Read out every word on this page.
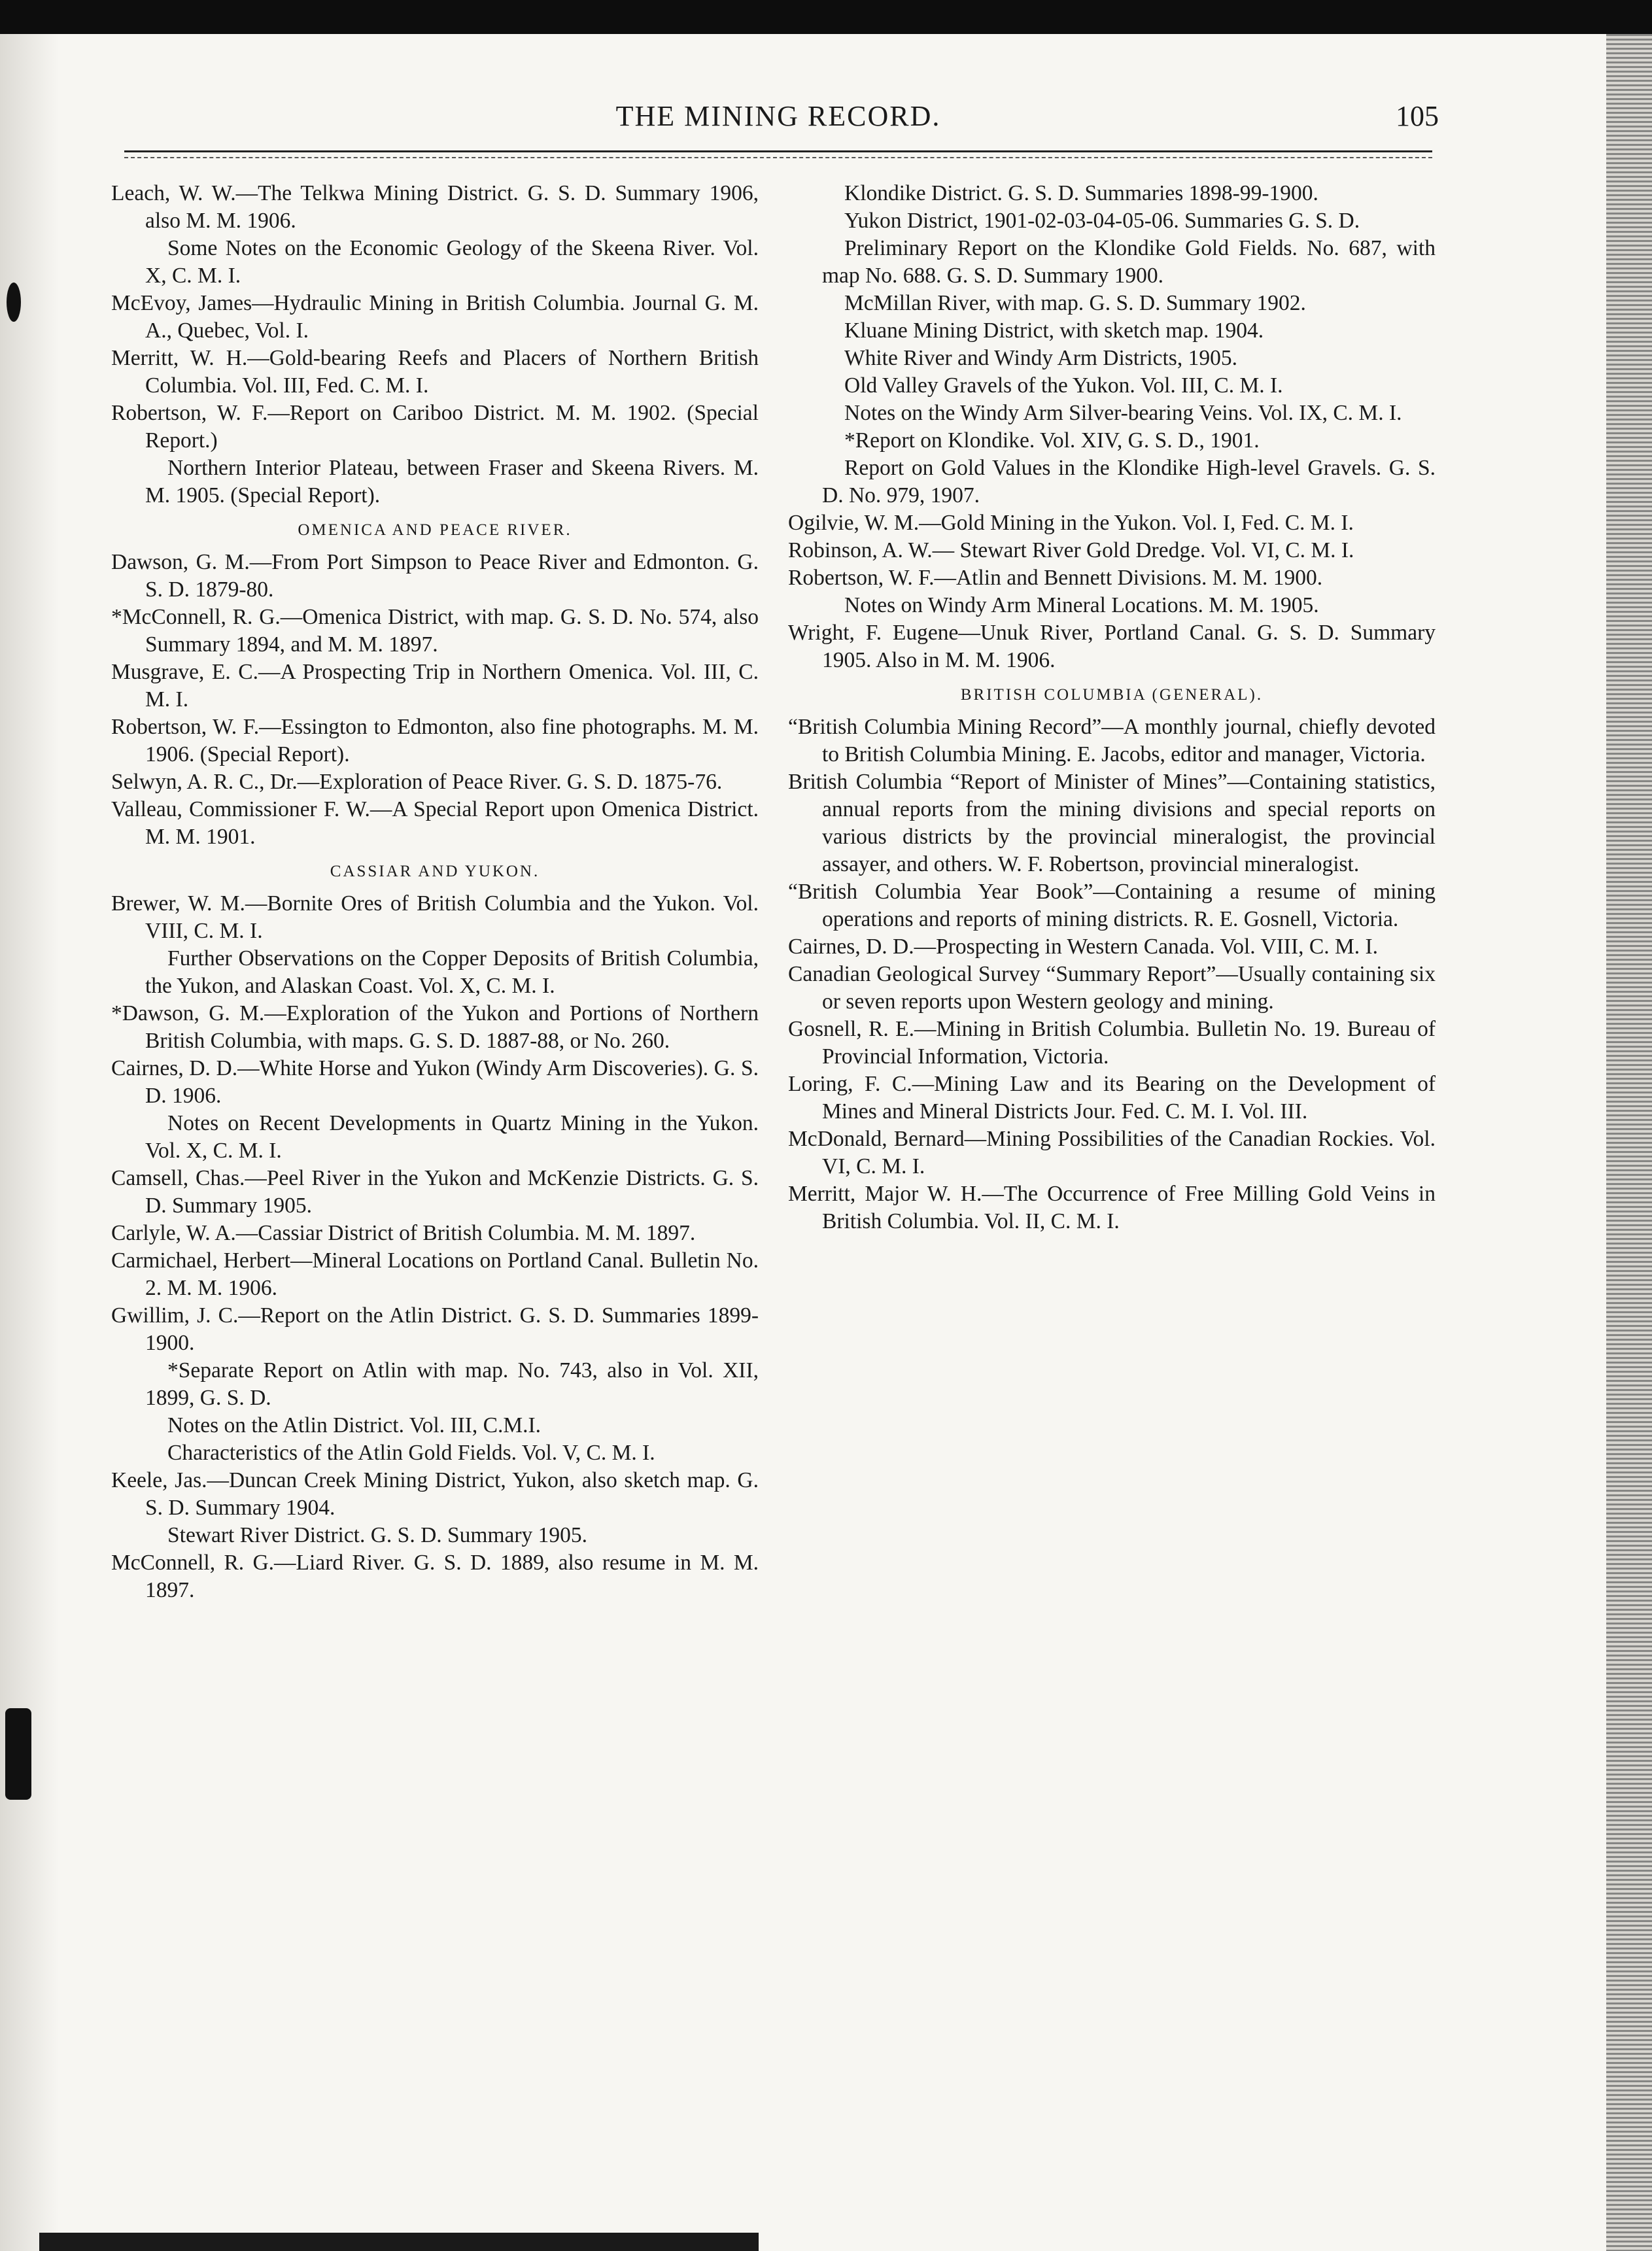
THE MINING RECORD.	105

Leach, W. W.—The Telkwa Mining District. G. S. D. Summary 1906, also M. M. 1906.

Some Notes on the Economic Geology of the Skeena River. Vol. X, C. M. I.

McEvoy, James—Hydraulic Mining in British Columbia. Journal G. M. A., Quebec, Vol. I.

Merritt, W. H.—Gold-bearing Reefs and Placers of Northern British Columbia. Vol. III, Fed. C. M. I.

Robertson, W. F.—Report on Cariboo District. M. M. 1902. (Special Report.)

Northern Interior Plateau, between Fraser and Skeena Rivers. M. M. 1905. (Special Report).

OMENICA AND PEACE RIVER.

Dawson, G. M.—From Port Simpson to Peace River and Edmonton. G. S. D. 1879-80.

*McConnell, R. G.—Omenica District, with map. G. S. D. No. 574, also Summary 1894, and M. M. 1897.

Musgrave, E. C.—A Prospecting Trip in Northern Omenica. Vol. III, C. M. I.

Robertson, W. F.—Essington to Edmonton, also fine photographs. M. M. 1906. (Special Report).

Selwyn, A. R. C., Dr.—Exploration of Peace River. G. S. D. 1875-76.

Valleau, Commissioner F. W.—A Special Report upon Omenica District. M. M. 1901.

CASSIAR AND YUKON.

Brewer, W. M.—Bornite Ores of British Columbia and the Yukon. Vol. VIII, C. M. I.

Further Observations on the Copper Deposits of British Columbia, the Yukon, and Alaskan Coast. Vol. X, C. M. I.

*Dawson, G. M.—Exploration of the Yukon and Portions of Northern British Columbia, with maps. G. S. D. 1887-88, or No. 260.

Cairnes, D. D.—White Horse and Yukon (Windy Arm Discoveries). G. S. D. 1906.

Notes on Recent Developments in Quartz Mining in the Yukon. Vol. X, C. M. I.

Camsell, Chas.—Peel River in the Yukon and McKenzie Districts. G. S. D. Summary 1905.

Carlyle, W. A.—Cassiar District of British Columbia. M. M. 1897.

Carmichael, Herbert—Mineral Locations on Portland Canal. Bulletin No. 2. M. M. 1906.

Gwillim, J. C.—Report on the Atlin District. G. S. D. Summaries 1899-1900.

*Separate Report on Atlin with map. No. 743, also in Vol. XII, 1899, G. S. D.

Notes on the Atlin District. Vol. III, C.M.I.

Characteristics of the Atlin Gold Fields. Vol. V, C. M. I.

Keele, Jas.—Duncan Creek Mining District, Yukon, also sketch map. G. S. D. Summary 1904.

Stewart River District. G. S. D. Summary 1905.

McConnell, R. G.—Liard River. G. S. D. 1889, also resume in M. M. 1897.

Klondike District. G. S. D. Summaries 1898-99-1900.

Yukon District, 1901-02-03-04-05-06. Summaries G. S. D.

Preliminary Report on the Klondike Gold Fields. No. 687, with map No. 688. G. S. D. Summary 1900.

McMillan River, with map. G. S. D. Summary 1902.

Kluane Mining District, with sketch map. 1904.

White River and Windy Arm Districts, 1905.

Old Valley Gravels of the Yukon. Vol. III, C. M. I.

Notes on the Windy Arm Silver-bearing Veins. Vol. IX, C. M. I.

*Report on Klondike. Vol. XIV, G. S. D., 1901.

Report on Gold Values in the Klondike High-level Gravels. G. S. D. No. 979, 1907.

Ogilvie, W. M.—Gold Mining in the Yukon. Vol. I, Fed. C. M. I.

Robinson, A. W.— Stewart River Gold Dredge. Vol. VI, C. M. I.

Robertson, W. F.—Atlin and Bennett Divisions. M. M. 1900.

Notes on Windy Arm Mineral Locations. M. M. 1905.

Wright, F. Eugene—Unuk River, Portland Canal. G. S. D. Summary 1905. Also in M. M. 1906.

BRITISH COLUMBIA (GENERAL).

“British Columbia Mining Record”—A monthly journal, chiefly devoted to British Columbia Mining. E. Jacobs, editor and manager, Victoria.

British Columbia “Report of Minister of Mines”—Containing statistics, annual reports from the mining divisions and special reports on various districts by the provincial mineralogist, the provincial assayer, and others. W. F. Robertson, provincial mineralogist.

“British Columbia Year Book”—Containing a resume of mining operations and reports of mining districts. R. E. Gosnell, Victoria.

Cairnes, D. D.—Prospecting in Western Canada. Vol. VIII, C. M. I.

Canadian Geological Survey “Summary Report”—Usually containing six or seven reports upon Western geology and mining.

Gosnell, R. E.—Mining in British Columbia. Bulletin No. 19. Bureau of Provincial Information, Victoria.

Loring, F. C.—Mining Law and its Bearing on the Development of Mines and Mineral Districts Jour. Fed. C. M. I. Vol. III.

McDonald, Bernard—Mining Possibilities of the Canadian Rockies. Vol. VI, C. M. I.

Merritt, Major W. H.—The Occurrence of Free Milling Gold Veins in British Columbia. Vol. II, C. M. I.
